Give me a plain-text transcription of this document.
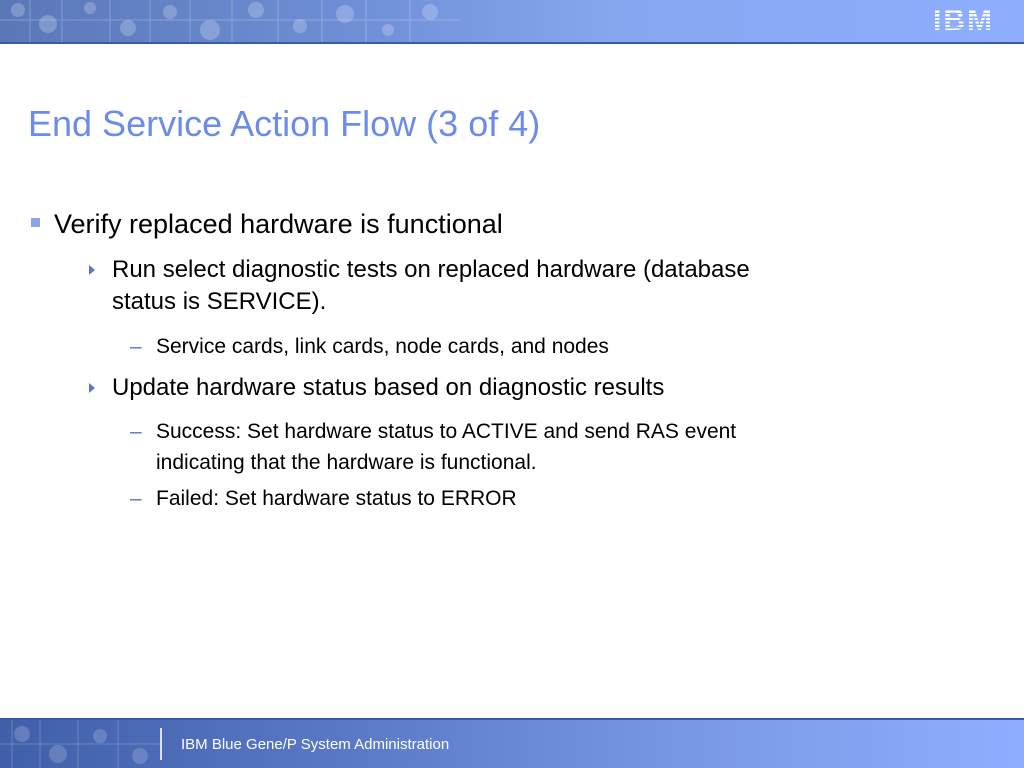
IBM
End Service Action Flow (3 of 4)
Verify replaced hardware is functional
Run select diagnostic tests on replaced hardware (database
status is SERVICE).
– Service cards, link cards, node cards, and nodes
Update hardware status based on diagnostic results
– Success: Set hardware status to ACTIVE and send RAS event
indicating that the hardware is functional.
– Failed: Set hardware status to ERROR
IBM Blue Gene/P System Administration
